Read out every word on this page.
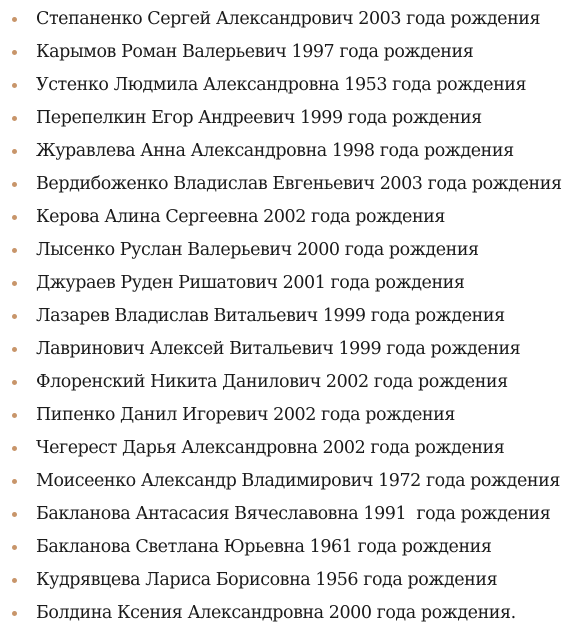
Степаненко Сергей Александрович 2003 года рождения
Карымов Роман Валерьевич 1997 года рождения
Устенко Людмила Александровна 1953 года рождения
Перепелкин Егор Андреевич 1999 года рождения
Журавлева Анна Александровна 1998 года рождения
Вердибоженко Владислав Евгеньевич 2003 года рождения
Керова Алина Сергеевна 2002 года рождения
Лысенко Руслан Валерьевич 2000 года рождения
Джураев Руден Ришатович 2001 года рождения
Лазарев Владислав Витальевич 1999 года рождения
Лавринович Алексей Витальевич 1999 года рождения
Флоренский Никита Данилович 2002 года рождения
Пипенко Данил Игоревич 2002 года рождения
Чегерест Дарья Александровна 2002 года рождения
Моисеенко Александр Владимирович 1972 года рождения
Бакланова Антасасия Вячеславовна 1991  года рождения
Бакланова Светлана Юрьевна 1961 года рождения
Кудрявцева Лариса Борисовна 1956 года рождения
Болдина Ксения Александровна 2000 года рождения.
